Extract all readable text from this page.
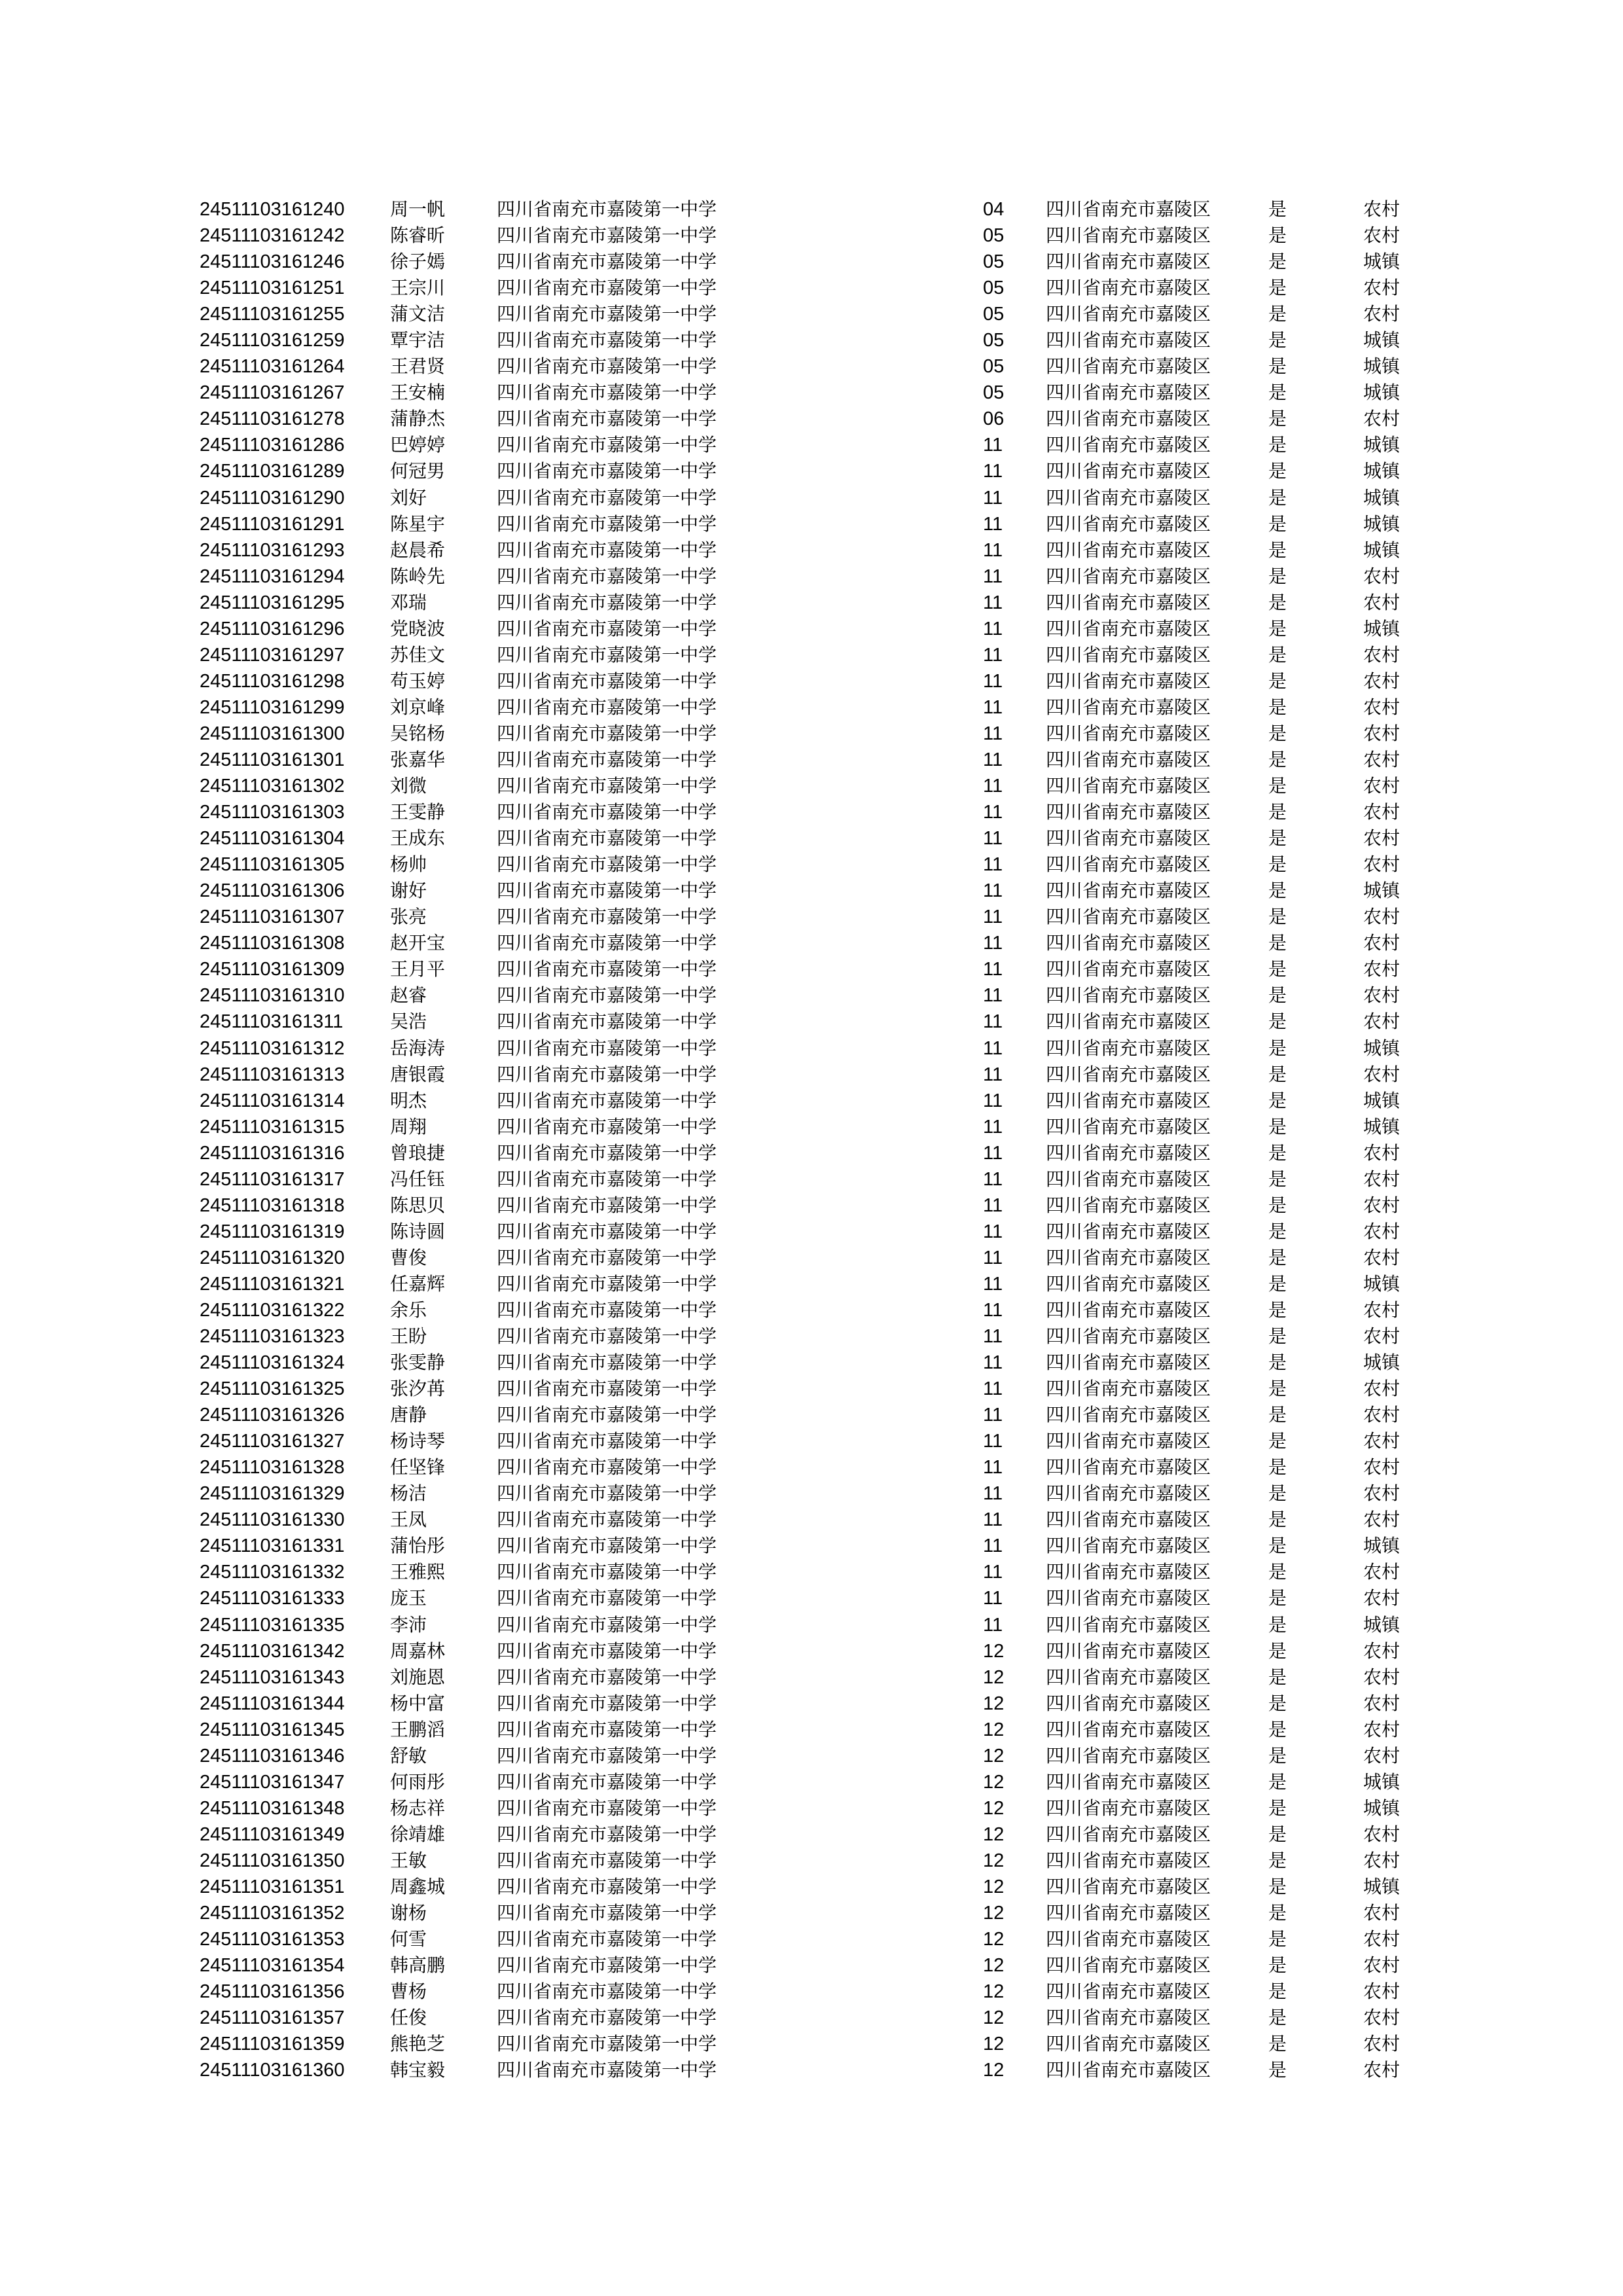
24511103161240 周一帆	四川省南充市嘉陵第一中学	04 四川省南充市嘉陵区	是	农村
24511103161242 陈睿昕	四川省南充市嘉陵第一中学	05 四川省南充市嘉陵区	是	农村
24511103161246 徐子嫣	四川省南充市嘉陵第一中学	05 四川省南充市嘉陵区	是	城镇
24511103161251 王宗川	四川省南充市嘉陵第一中学	05 四川省南充市嘉陵区	是	农村
24511103161255 蒲文洁	四川省南充市嘉陵第一中学	05 四川省南充市嘉陵区	是	农村
24511103161259 覃宇洁	四川省南充市嘉陵第一中学	05 四川省南充市嘉陵区	是	城镇
24511103161264 王君贤	四川省南充市嘉陵第一中学	05 四川省南充市嘉陵区	是	城镇
24511103161267 王安楠	四川省南充市嘉陵第一中学	05 四川省南充市嘉陵区	是	城镇
24511103161278 蒲静杰	四川省南充市嘉陵第一中学	06 四川省南充市嘉陵区	是	农村
24511103161286 巴婷婷	四川省南充市嘉陵第一中学	11 四川省南充市嘉陵区	是	城镇
24511103161289 何冠男	四川省南充市嘉陵第一中学	11 四川省南充市嘉陵区	是	城镇
24511103161290 刘好	四川省南充市嘉陵第一中学	11 四川省南充市嘉陵区	是	城镇
24511103161291 陈星宇	四川省南充市嘉陵第一中学	11 四川省南充市嘉陵区	是	城镇
24511103161293 赵晨希	四川省南充市嘉陵第一中学	11 四川省南充市嘉陵区	是	城镇
24511103161294 陈岭先	四川省南充市嘉陵第一中学	11 四川省南充市嘉陵区	是	农村
24511103161295 邓瑞	四川省南充市嘉陵第一中学	11 四川省南充市嘉陵区	是	农村
24511103161296 党晓波	四川省南充市嘉陵第一中学	11 四川省南充市嘉陵区	是	城镇
24511103161297 苏佳文	四川省南充市嘉陵第一中学	11 四川省南充市嘉陵区	是	农村
24511103161298 苟玉婷	四川省南充市嘉陵第一中学	11 四川省南充市嘉陵区	是	农村
24511103161299 刘京峰	四川省南充市嘉陵第一中学	11 四川省南充市嘉陵区	是	农村
24511103161300 吴铭杨	四川省南充市嘉陵第一中学	11 四川省南充市嘉陵区	是	农村
24511103161301 张嘉华	四川省南充市嘉陵第一中学	11 四川省南充市嘉陵区	是	农村
24511103161302 刘微	四川省南充市嘉陵第一中学	11 四川省南充市嘉陵区	是	农村
24511103161303 王雯静	四川省南充市嘉陵第一中学	11 四川省南充市嘉陵区	是	农村
24511103161304 王成东	四川省南充市嘉陵第一中学	11 四川省南充市嘉陵区	是	农村
24511103161305 杨帅	四川省南充市嘉陵第一中学	11 四川省南充市嘉陵区	是	农村
24511103161306 谢好	四川省南充市嘉陵第一中学	11 四川省南充市嘉陵区	是	城镇
24511103161307 张亮	四川省南充市嘉陵第一中学	11 四川省南充市嘉陵区	是	农村
24511103161308 赵开宝	四川省南充市嘉陵第一中学	11 四川省南充市嘉陵区	是	农村
24511103161309 王月平	四川省南充市嘉陵第一中学	11 四川省南充市嘉陵区	是	农村
24511103161310 赵睿	四川省南充市嘉陵第一中学	11 四川省南充市嘉陵区	是	农村
24511103161311	吴浩	四川省南充市嘉陵第一中学	11 四川省南充市嘉陵区	是	农村
24511103161312 岳海涛	四川省南充市嘉陵第一中学	11 四川省南充市嘉陵区	是	城镇
24511103161313 唐银霞	四川省南充市嘉陵第一中学	11 四川省南充市嘉陵区	是	农村
24511103161314 明杰	四川省南充市嘉陵第一中学	11 四川省南充市嘉陵区	是	城镇
24511103161315 周翔	四川省南充市嘉陵第一中学	11 四川省南充市嘉陵区	是	城镇
24511103161316 曾琅捷	四川省南充市嘉陵第一中学	11 四川省南充市嘉陵区	是	农村
24511103161317 冯任钰	四川省南充市嘉陵第一中学	11 四川省南充市嘉陵区	是	农村
24511103161318 陈思贝	四川省南充市嘉陵第一中学	11 四川省南充市嘉陵区	是	农村
24511103161319 陈诗圆	四川省南充市嘉陵第一中学	11 四川省南充市嘉陵区	是	农村
24511103161320 曹俊	四川省南充市嘉陵第一中学	11 四川省南充市嘉陵区	是	农村
24511103161321 任嘉辉	四川省南充市嘉陵第一中学	11 四川省南充市嘉陵区	是	城镇
24511103161322 余乐	四川省南充市嘉陵第一中学	11 四川省南充市嘉陵区	是	农村
24511103161323 王盼	四川省南充市嘉陵第一中学	11 四川省南充市嘉陵区	是	农村
24511103161324 张雯静	四川省南充市嘉陵第一中学	11 四川省南充市嘉陵区	是	城镇
24511103161325 张汐苒	四川省南充市嘉陵第一中学	11 四川省南充市嘉陵区	是	农村
24511103161326 唐静	四川省南充市嘉陵第一中学	11 四川省南充市嘉陵区	是	农村
24511103161327 杨诗琴	四川省南充市嘉陵第一中学	11 四川省南充市嘉陵区	是	农村
24511103161328 任坚锋	四川省南充市嘉陵第一中学	11 四川省南充市嘉陵区	是	农村
24511103161329 杨洁	四川省南充市嘉陵第一中学	11 四川省南充市嘉陵区	是	农村
24511103161330 王凤	四川省南充市嘉陵第一中学	11 四川省南充市嘉陵区	是	农村
24511103161331 蒲怡彤	四川省南充市嘉陵第一中学	11 四川省南充市嘉陵区	是	城镇
24511103161332 王雅熙	四川省南充市嘉陵第一中学	11 四川省南充市嘉陵区	是	农村
24511103161333 庞玉	四川省南充市嘉陵第一中学	11 四川省南充市嘉陵区	是	农村
24511103161335 李沛	四川省南充市嘉陵第一中学	11 四川省南充市嘉陵区	是	城镇
24511103161342 周嘉林	四川省南充市嘉陵第一中学	12 四川省南充市嘉陵区	是	农村
24511103161343 刘施恩	四川省南充市嘉陵第一中学	12 四川省南充市嘉陵区	是	农村
24511103161344 杨中富	四川省南充市嘉陵第一中学	12 四川省南充市嘉陵区	是	农村
24511103161345 王鹏滔	四川省南充市嘉陵第一中学	12 四川省南充市嘉陵区	是	农村
24511103161346 舒敏	四川省南充市嘉陵第一中学	12 四川省南充市嘉陵区	是	农村
24511103161347 何雨彤	四川省南充市嘉陵第一中学	12 四川省南充市嘉陵区	是	城镇
24511103161348 杨志祥	四川省南充市嘉陵第一中学	12 四川省南充市嘉陵区	是	城镇
24511103161349 徐靖雄	四川省南充市嘉陵第一中学	12 四川省南充市嘉陵区	是	农村
24511103161350 王敏	四川省南充市嘉陵第一中学	12 四川省南充市嘉陵区	是	农村
24511103161351 周鑫城	四川省南充市嘉陵第一中学	12 四川省南充市嘉陵区	是	城镇
24511103161352 谢杨	四川省南充市嘉陵第一中学	12 四川省南充市嘉陵区	是	农村
24511103161353 何雪	四川省南充市嘉陵第一中学	12 四川省南充市嘉陵区	是	农村
24511103161354 韩高鹏	四川省南充市嘉陵第一中学	12 四川省南充市嘉陵区	是	农村
24511103161356 曹杨	四川省南充市嘉陵第一中学	12 四川省南充市嘉陵区	是	农村
24511103161357 任俊	四川省南充市嘉陵第一中学	12 四川省南充市嘉陵区	是	农村
24511103161359 熊艳芝	四川省南充市嘉陵第一中学	12 四川省南充市嘉陵区	是	农村
24511103161360 韩宝毅	四川省南充市嘉陵第一中学	12 四川省南充市嘉陵区	是	农村
